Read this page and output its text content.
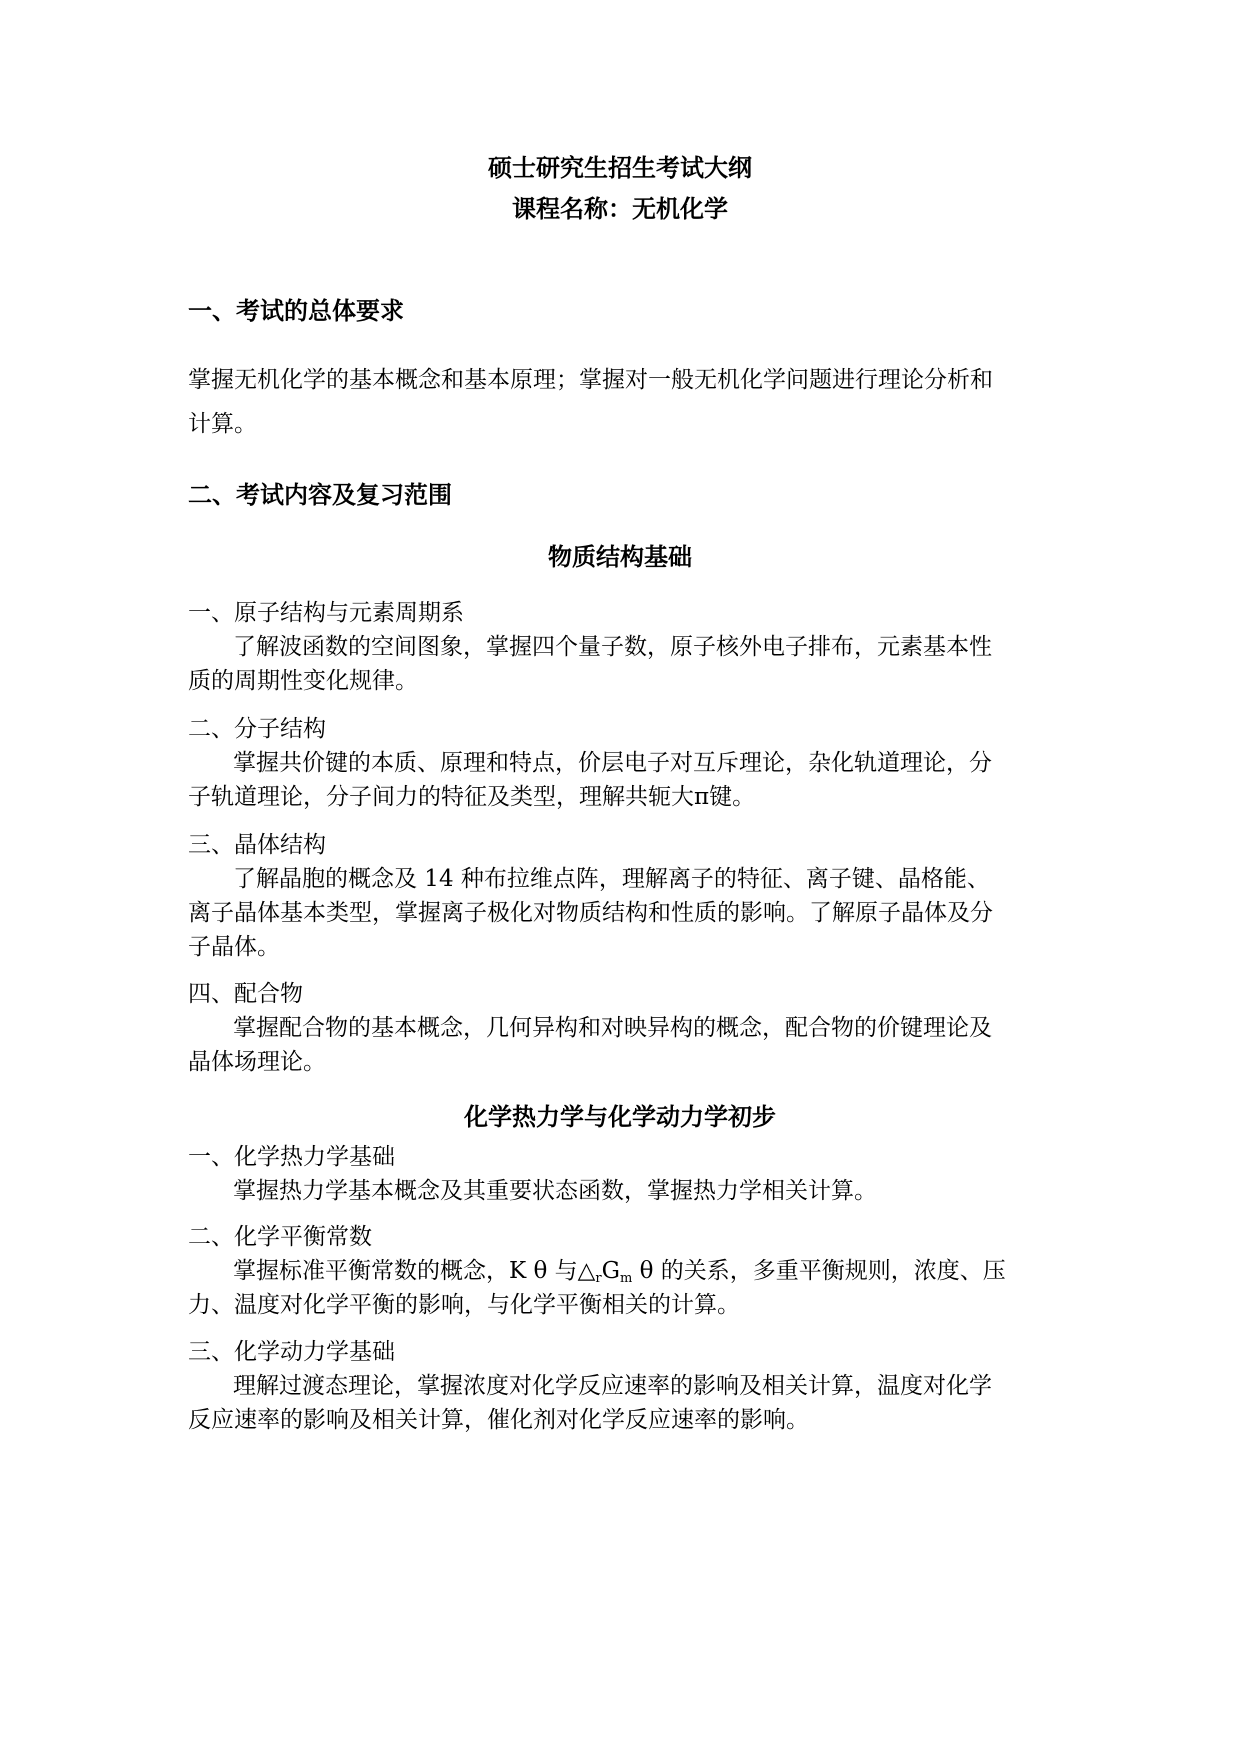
硕士研究生招生考试大纲
课程名称：无机化学
一、考试的总体要求
掌握无机化学的基本概念和基本原理；掌握对一般无机化学问题进行理论分析和
计算。
二、考试内容及复习范围
物质结构基础
一、原子结构与元素周期系
了解波函数的空间图象，掌握四个量子数，原子核外电子排布，元素基本性
质的周期性变化规律。
二、分子结构
掌握共价键的本质、原理和特点，价层电子对互斥理论，杂化轨道理论，分
子轨道理论，分子间力的特征及类型，理解共轭大π键。
三、晶体结构
了解晶胞的概念及 14 种布拉维点阵，理解离子的特征、离子键、晶格能、
离子晶体基本类型，掌握离子极化对物质结构和性质的影响。了解原子晶体及分
子晶体。
四、配合物
掌握配合物的基本概念，几何异构和对映异构的概念，配合物的价键理论及
晶体场理论。
化学热力学与化学动力学初步
一、化学热力学基础
掌握热力学基本概念及其重要状态函数，掌握热力学相关计算。
二、化学平衡常数
掌握标准平衡常数的概念，K θ 与$\triangle_rG_m$ θ 的关系，多重平衡规则，浓度、压
力、温度对化学平衡的影响，与化学平衡相关的计算。
三、化学动力学基础
理解过渡态理论，掌握浓度对化学反应速率的影响及相关计算，温度对化学
反应速率的影响及相关计算，催化剂对化学反应速率的影响。
